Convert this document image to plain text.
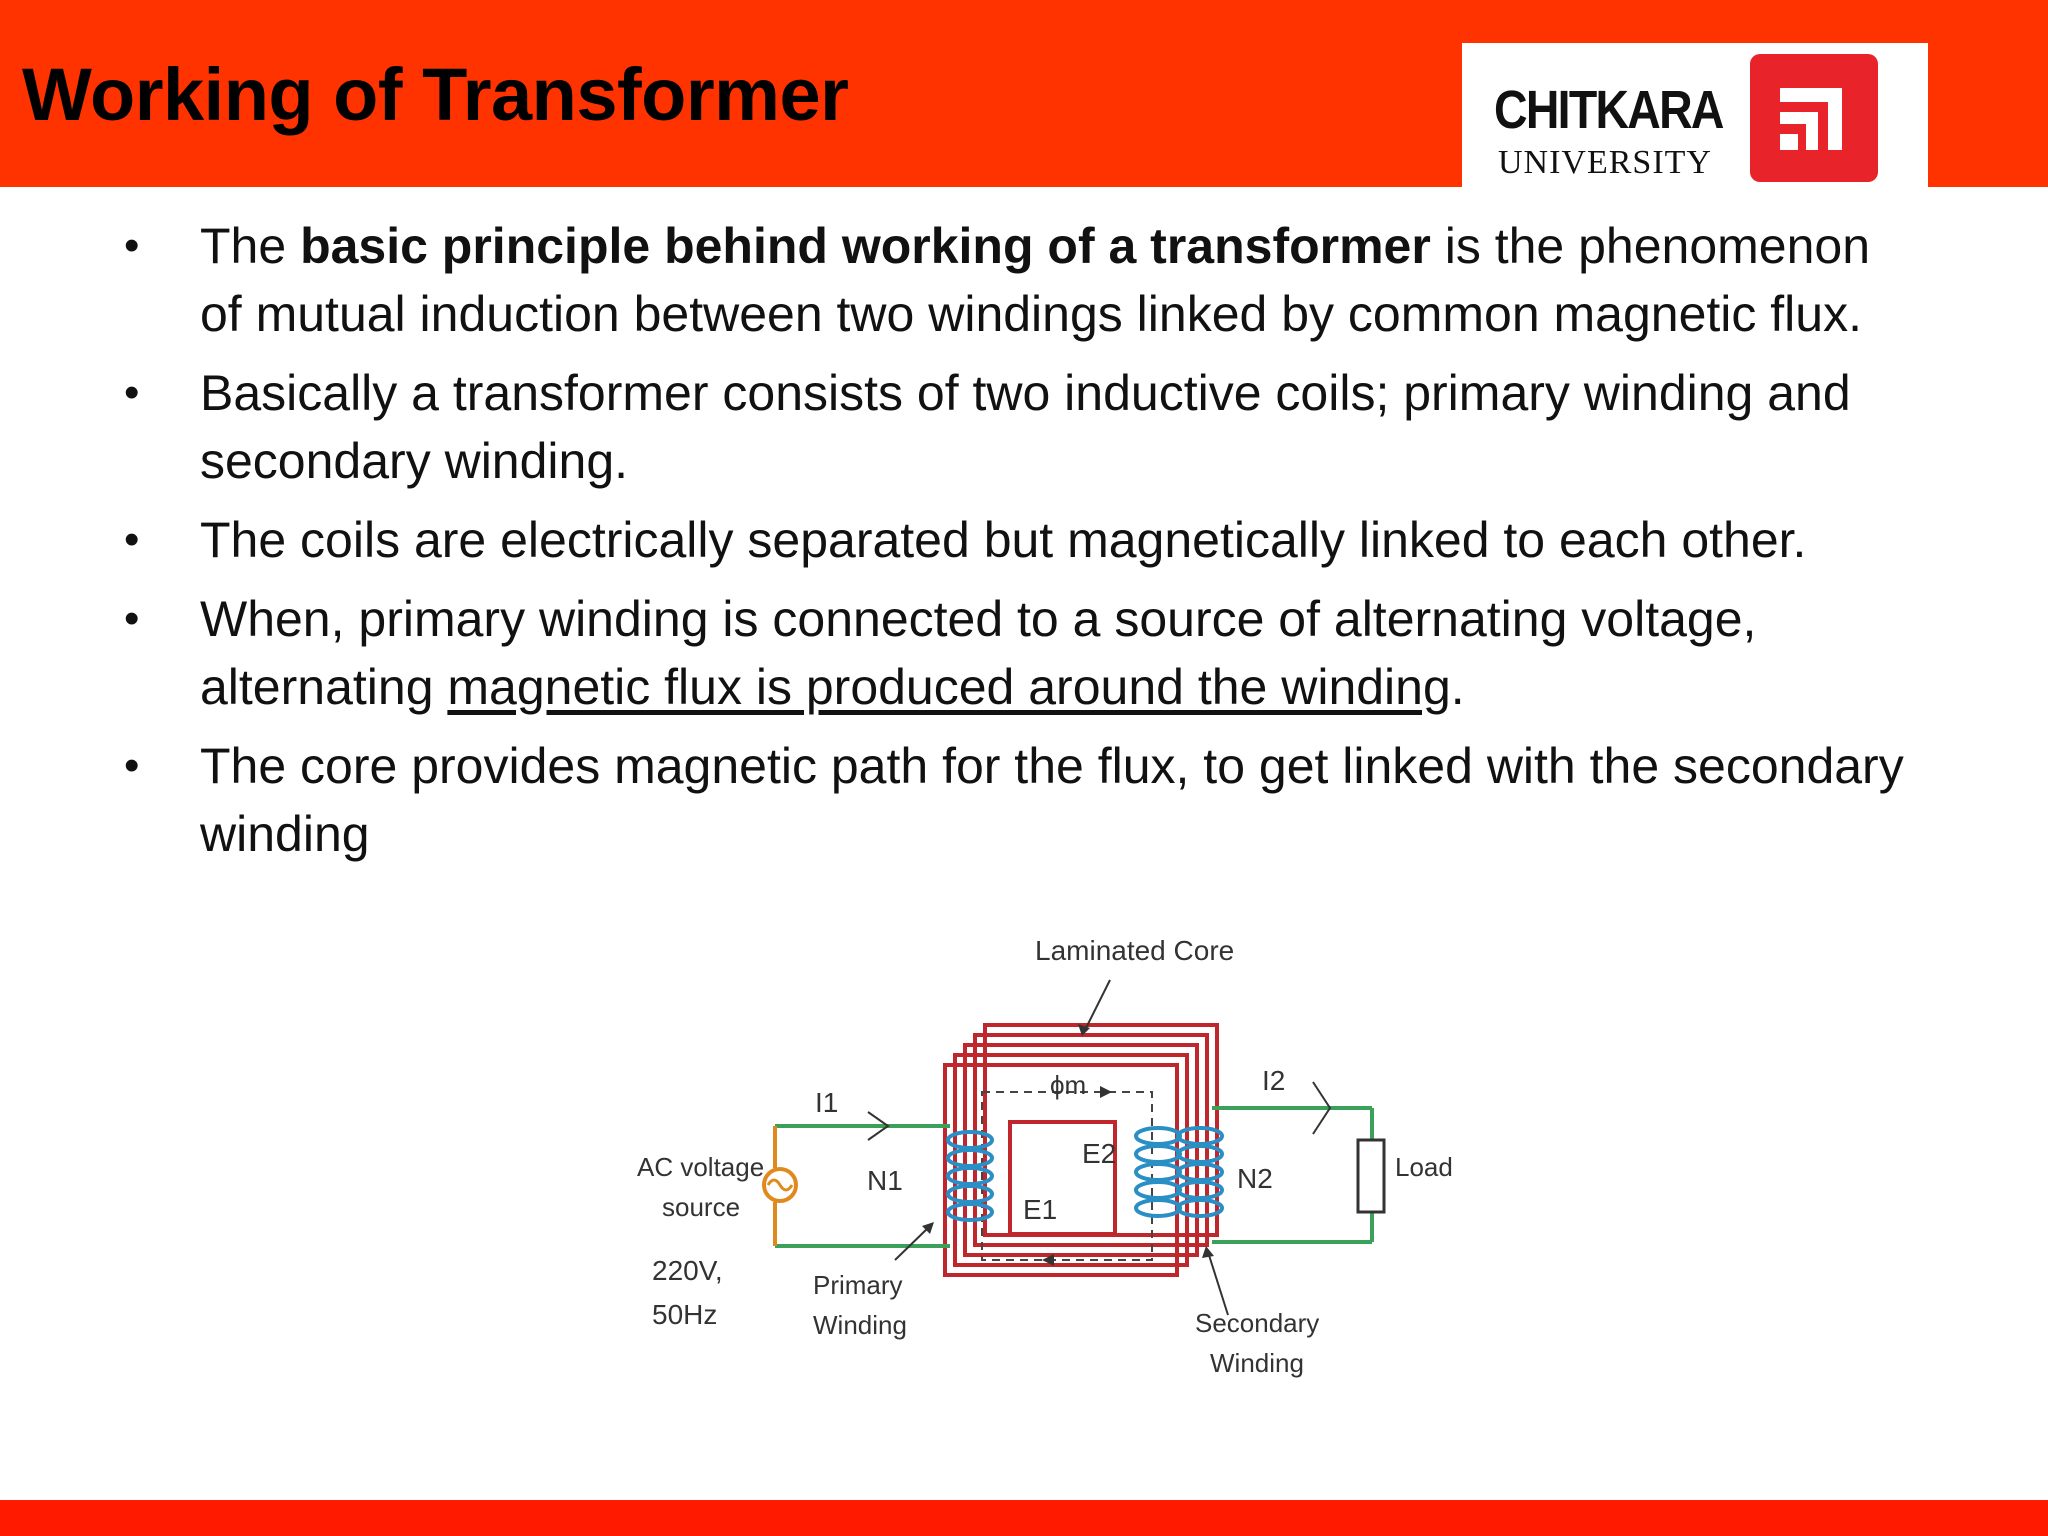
Working of Transformer	CHITKARA
UNIVERSITY
• The basic principle behind working of a transformer is the phenomenon of mutual induction between two windings linked by common magnetic flux.
• Basically a transformer consists of two inductive coils; primary winding and secondary winding.
• The coils are electrically separated but magnetically linked to each other.
• When, primary winding is connected to a source of alternating voltage, alternating magnetic flux is produced around the winding.
• The core provides magnetic path for the flux, to get linked with the secondary winding
Laminated Core
ϕm
I1
I2
AC voltage
source
220V,
50Hz
N1	N2
E1
E2	Load
Primary
Winding	Secondary
Winding
